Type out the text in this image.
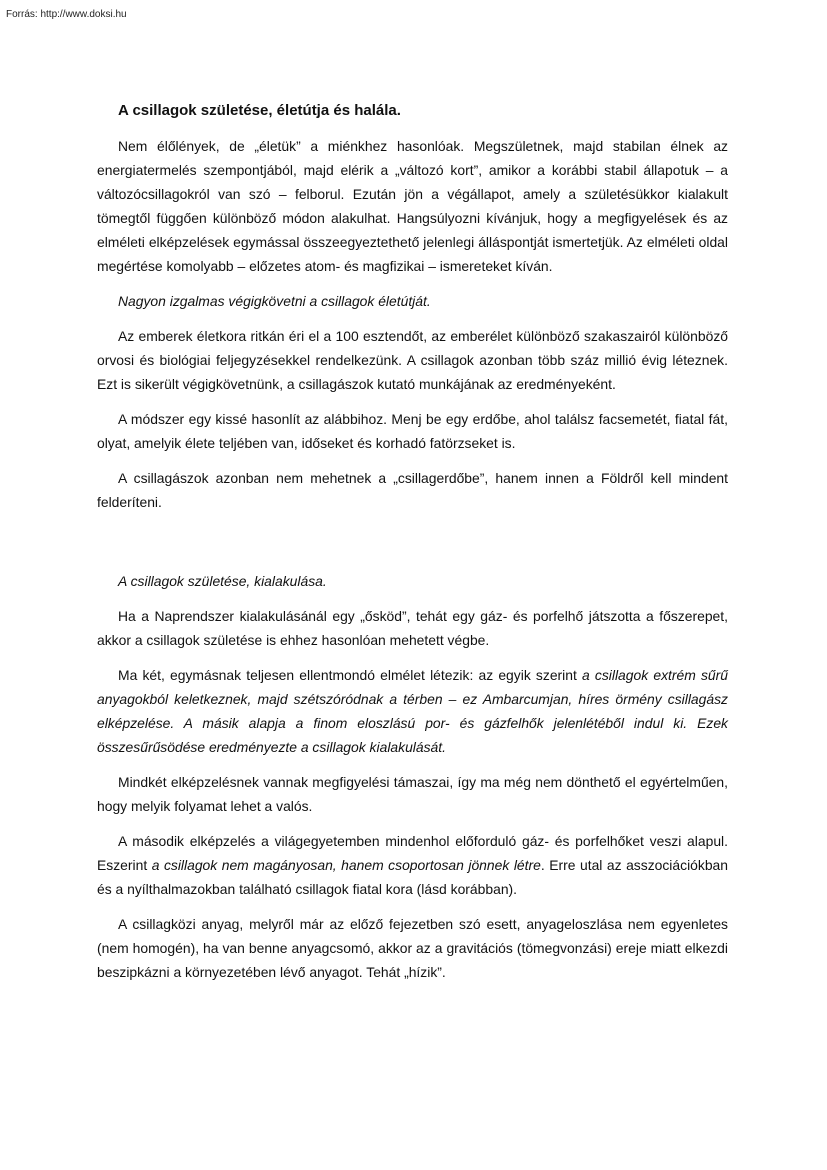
Forrás: http://www.doksi.hu
A csillagok születése, életútja és halála.

Nem élőlények, de „életük” a miénkhez hasonlóak. Megszületnek, majd stabilan élnek az energiatermelés szempontjából, majd elérik a „változó kort”, amikor a korábbi stabil állapotuk – a változócsillagokról van szó – felborul. Ezután jön a végállapot, amely a születésükkor kialakult tömegtől függően különböző módon alakulhat. Hangsúlyozni kívánjuk, hogy a megfigyelések és az elméleti elképzelések egymással összeegyeztethető jelenlegi álláspontját ismertetjük. Az elméleti oldal megértése komolyabb – előzetes atom- és magfizikai – ismereteket kíván.

Nagyon izgalmas végigkövetni a csillagok életútját.

Az emberek életkora ritkán éri el a 100 esztendőt, az emberélet különböző szakaszairól különböző orvosi és biológiai feljegyzésekkel rendelkezünk. A csillagok azonban több száz millió évig léteznek. Ezt is sikerült végigkövetnünk, a csillagászok kutató munkájának az eredményeként.

A módszer egy kissé hasonlít az alábbihoz. Menj be egy erdőbe, ahol találsz facsemetét, fiatal fát, olyat, amelyik élete teljében van, időseket és korhadó fatörzseket is.

A csillagászok azonban nem mehetnek a „csillagerdőbe”, hanem innen a Földről kell mindent felderíteni.

A csillagok születése, kialakulása.

Ha a Naprendszer kialakulásánál egy „ősköd”, tehát egy gáz- és porfelhő játszotta a főszerepet, akkor a csillagok születése is ehhez hasonlóan mehetett végbe.

Ma két, egymásnak teljesen ellentmondó elmélet létezik: az egyik szerint a csillagok extrém sűrű anyagokból keletkeznek, majd szétszóródnak a térben – ez Ambarcumjan, híres örmény csillagász elképzelése. A másik alapja a finom eloszlású por- és gázfelhők jelenlétéből indul ki. Ezek összesűrűsödése eredményezte a csillagok kialakulását.

Mindkét elképzelésnek vannak megfigyelési támaszai, így ma még nem dönthető el egyértelműen, hogy melyik folyamat lehet a valós.

A második elképzelés a világegyetemben mindenhol előforduló gáz- és porfelhőket veszi alapul. Eszerint a csillagok nem magányosan, hanem csoportosan jönnek létre. Erre utal az asszociációkban és a nyílthalmazokban található csillagok fiatal kora (lásd korábban).

A csillagközi anyag, melyről már az előző fejezetben szó esett, anyageloszlása nem egyenletes (nem homogén), ha van benne anyagcsomó, akkor az a gravitációs (tömegvonzási) ereje miatt elkezdi beszipkázni a környezetében lévő anyagot. Tehát „hízik”.
